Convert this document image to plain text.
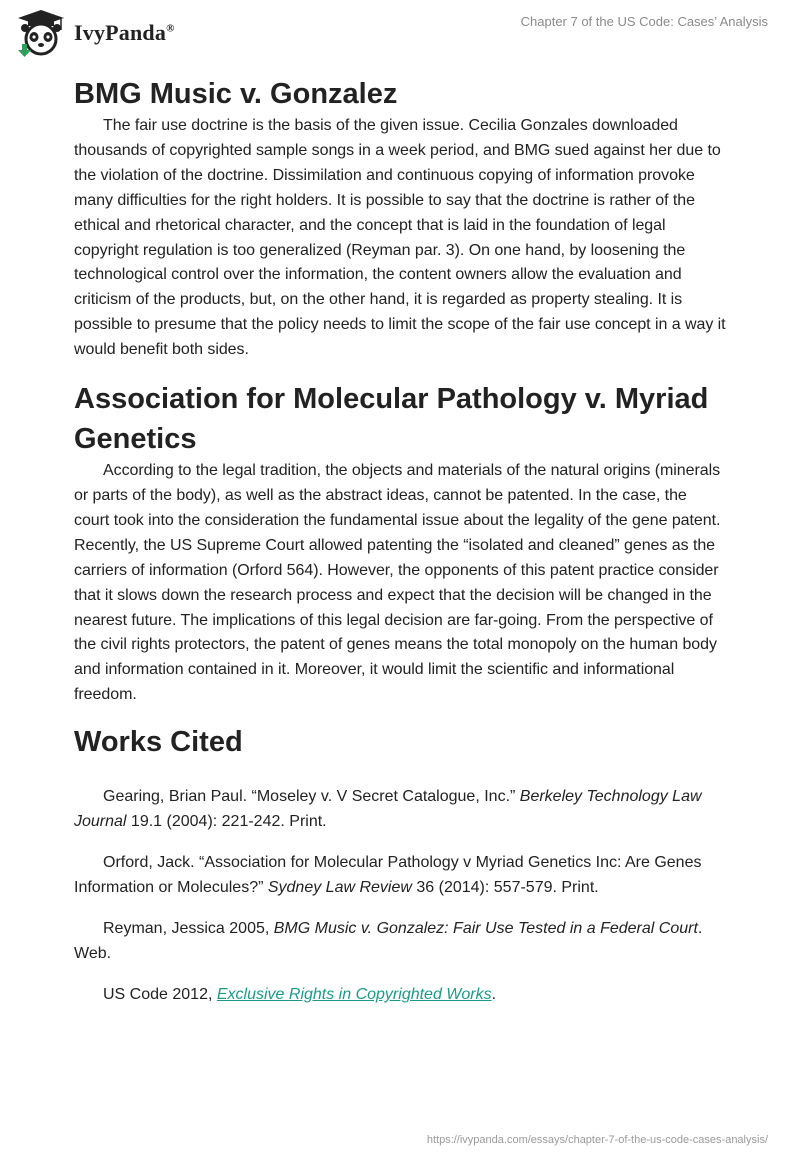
IvyPanda®	Chapter 7 of the US Code: Cases’ Analysis
BMG Music v. Gonzalez

The fair use doctrine is the basis of the given issue. Cecilia Gonzales downloaded thousands of copyrighted sample songs in a week period, and BMG sued against her due to the violation of the doctrine. Dissimilation and continuous copying of information provoke many difficulties for the right holders. It is possible to say that the doctrine is rather of the ethical and rhetorical character, and the concept that is laid in the foundation of legal copyright regulation is too generalized (Reyman par. 3). On one hand, by loosening the technological control over the information, the content owners allow the evaluation and criticism of the products, but, on the other hand, it is regarded as property stealing. It is possible to presume that the policy needs to limit the scope of the fair use concept in a way it would benefit both sides.

Association for Molecular Pathology v. Myriad Genetics

According to the legal tradition, the objects and materials of the natural origins (minerals or parts of the body), as well as the abstract ideas, cannot be patented. In the case, the court took into the consideration the fundamental issue about the legality of the gene patent. Recently, the US Supreme Court allowed patenting the “isolated and cleaned” genes as the carriers of information (Orford 564). However, the opponents of this patent practice consider that it slows down the research process and expect that the decision will be changed in the nearest future. The implications of this legal decision are far-going. From the perspective of the civil rights protectors, the patent of genes means the total monopoly on the human body and information contained in it. Moreover, it would limit the scientific and informational freedom.

Works Cited

Gearing, Brian Paul. “Moseley v. V Secret Catalogue, Inc.” Berkeley Technology Law Journal 19.1 (2004): 221-242. Print.

Orford, Jack. “Association for Molecular Pathology v Myriad Genetics Inc: Are Genes Information or Molecules?” Sydney Law Review 36 (2014): 557-579. Print.

Reyman, Jessica 2005, BMG Music v. Gonzalez: Fair Use Tested in a Federal Court. Web.

US Code 2012, Exclusive Rights in Copyrighted Works.

https://ivypanda.com/essays/chapter-7-of-the-us-code-cases-analysis/
